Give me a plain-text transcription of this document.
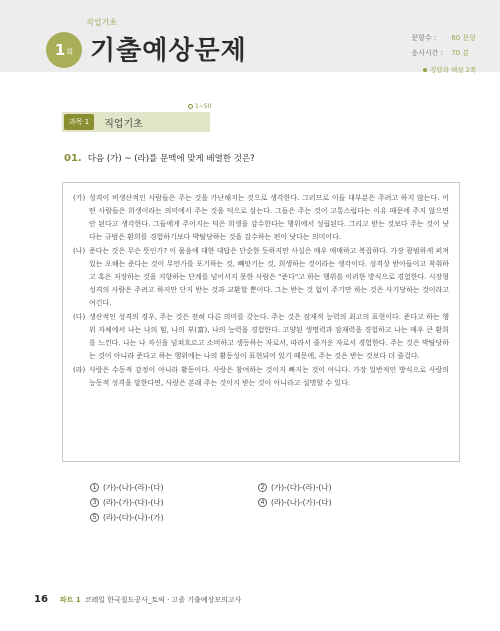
1 회
직업기초
기출예상문제	문항수 :	60 문항
응시시간 :	70 분
정답과 해설 2쪽
1~50
과목 1	직업기초
01. 다음 (가) ~ (라)를 문맥에 맞게 배열한 것은?
(가) 성격이 비생산적인 사람들은 주는 것을 가난해지는 것으로 생각한다. 그러므로 이들 대부분은 주려고 하지 않는다. 어떤 사람들은 희생이라는 의미에서 주는 것을 덕으로 삼는다. 그들은 주는 것이 고통스럽다는 이유 때문에 주지 않으면 안 된다고 생각한다. 그들에게 주어지는 덕은 희생을 감수한다는 행위에서 성립된다. 그리고 받는 것보다 주는 것이 낫다는 규범은 환희를 경험하기보다 박탈당하는 것을 감수하는 편이 낫다는 의미이다.
(나) 준다는 것은 무슨 뜻인가? 이 물음에 대한 대답은 단순한 듯하지만 사실은 매우 애매하고 복잡하다. 가장 광범하게 퍼져 있는 오해는 준다는 것이 무언가를 포기하는 것, 빼앗기는 것, 희생하는 것이라는 생각이다. 성격상 받아들이고 착취하고 혹은 저장하는 것을 지향하는 단계를 넘어서지 못한 사람은 "준다"고 하는 행위를 이러한 방식으로 경험한다. 시장형 성격의 사람은 주려고 하지만 단지 받는 것과 교환할 뿐이다. 그는 받는 것 없이 주기만 하는 것은 사기당하는 것이라고 여긴다.
(다) 생산적인 성격의 경우, 주는 것은 전혀 다른 의미를 갖는다. 주는 것은 잠재적 능력의 최고의 표현이다. 준다고 하는 행위 자체에서 나는 나의 힘, 나의 부(富), 나의 능력을 경험한다. 고양된 생명력과 잠재력을 경험하고 나는 매우 큰 환희를 느낀다. 나는 나 자신을 넘쳐흐르고 소비하고 생동하는 자로서, 따라서 즐거운 자로서 경험한다. 주는 것은 박탈당하는 것이 아니라 준다고 하는 행위에는 나의 활동성이 표현되어 있기 때문에, 주는 것은 받는 것보다 더 즐겁다.
(라) 사랑은 수동적 감정이 아니라 활동이다. 사랑은 참여하는 것이지 빠지는 것이 아니다. 가장 일반적인 방식으로 사랑의 능동적 성격을 말한다면, 사랑은 본래 주는 것이지 받는 것이 아니라고 설명할 수 있다.
1 (가)-(나)-(라)-(다)	2 (가)-(다)-(라)-(나)
3 (라)-(가)-(다)-(나)	4 (라)-(나)-(가)-(다)
5 (라)-(다)-(나)-(가)
16 파트 1 코레일 한국철도공사_토픽 · 고졸 기출예상모의고사
